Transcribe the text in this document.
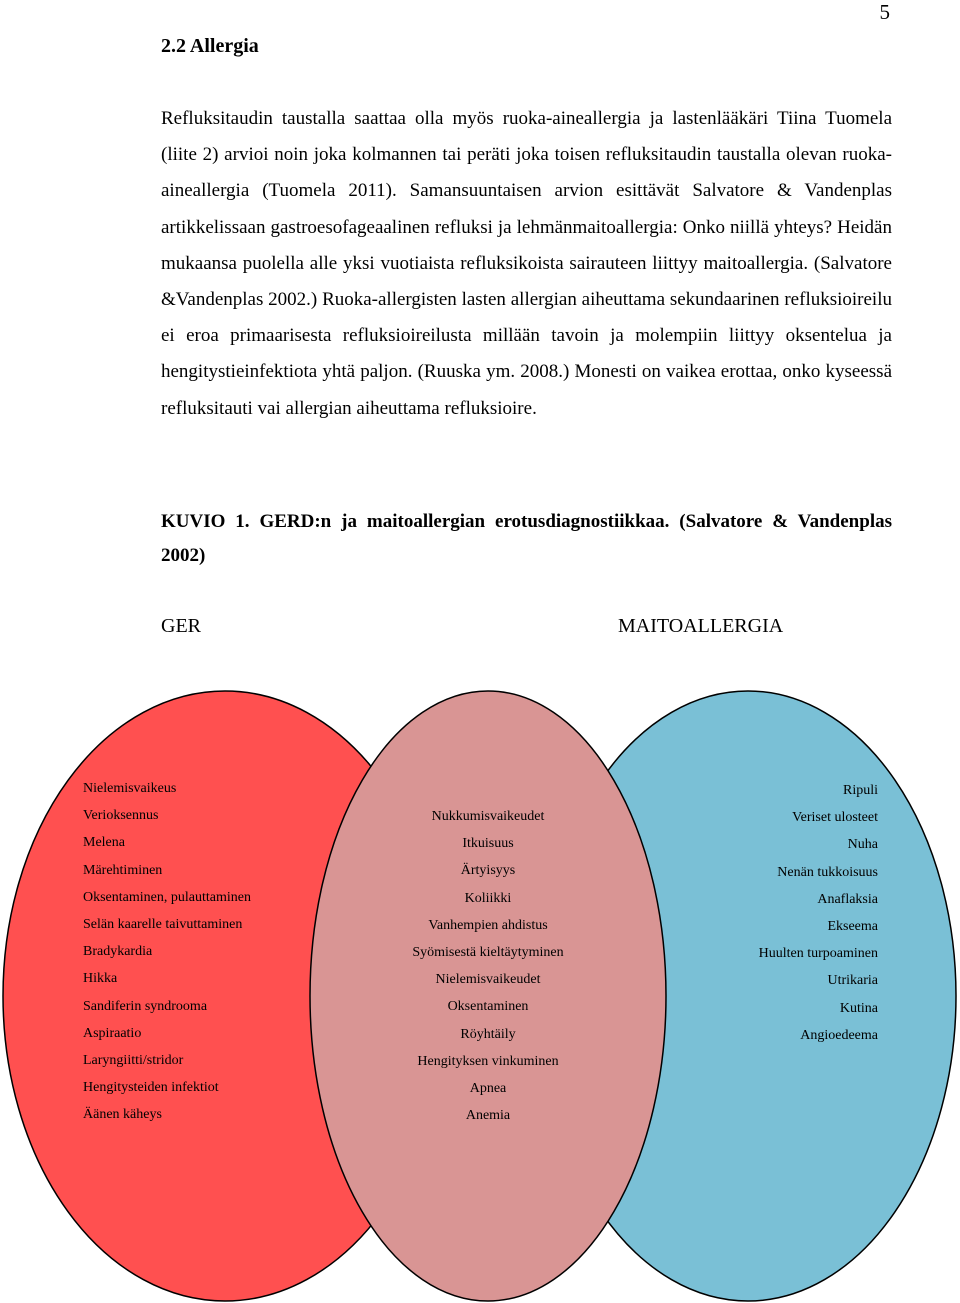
5
2.2 Allergia

Refluksitaudin taustalla saattaa olla myös ruoka-aineallergia ja lastenlääkäri Tiina Tuomela (liite 2) arvioi noin joka kolmannen tai peräti joka toisen refluksitaudin taustalla olevan ruoka-aineallergia (Tuomela 2011). Samansuuntaisen arvion esittävät Salvatore & Vandenplas artikkelissaan gastroesofageaalinen refluksi ja lehmänmaitoallergia: Onko niillä yhteys? Heidän mukaansa puolella alle yksi vuotiaista refluksikoista sairauteen liittyy maitoallergia. (Salvatore &Vandenplas 2002.) Ruoka-allergisten lasten allergian aiheuttama sekundaarinen refluksioireilu ei eroa primaarisesta refluksioireilusta millään tavoin ja molempiin liittyy oksentelua ja hengitystieinfektiota yhtä paljon. (Ruuska ym. 2008.) Monesti on vaikea erottaa, onko kyseessä refluksitauti vai allergian aiheuttama refluksioire.

KUVIO 1. GERD:n ja maitoallergian erotusdiagnostiikkaa. (Salvatore & Vandenplas 2002)

GER	MAITOALLERGIA
Nielemisvaikeus
Verioksennus
Melena
Märehtiminen
Oksentaminen, pulauttaminen
Selän kaarelle taivuttaminen
Bradykardia
Hikka
Sandiferin syndrooma
Aspiraatio
Laryngiitti/stridor
Hengitysteiden infektiot
Äänen käheys
Nukkumisvaikeudet
Itkuisuus
Ärtyisyys
Koliikki
Vanhempien ahdistus
Syömisestä kieltäytyminen
Nielemisvaikeudet
Oksentaminen
Röyhtäily
Hengityksen vinkuminen
Apnea
Anemia
Ripuli
Veriset ulosteet
Nuha
Nenän tukkoisuus
Anaflaksia
Ekseema
Huulten turpoaminen
Utrikaria
Kutina
Angioedeema
